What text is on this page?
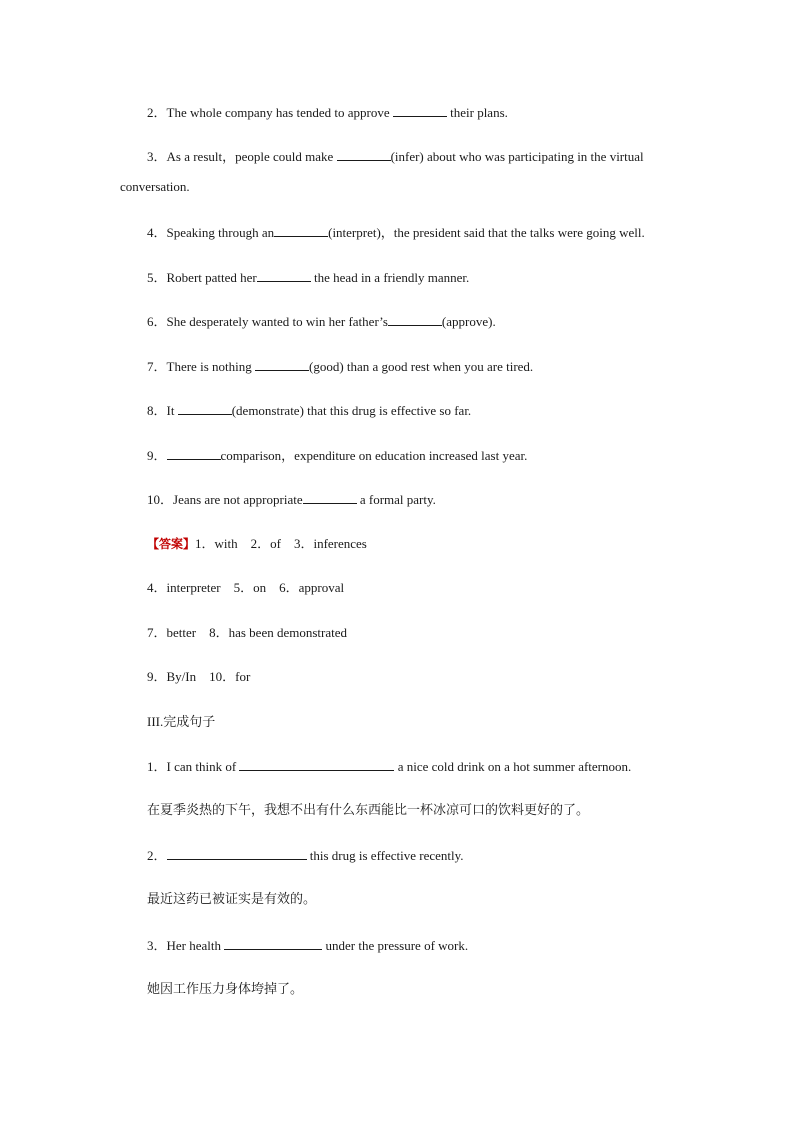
2．The whole company has tended to approve	their plans.
3．As a result，people could make	(infer) about who was participating in the virtual
conversation.
4．Speaking through an	(interpret)，the president said that the talks were going well.
5．Robert patted her	the head in a friendly manner.
6．She desperately wanted to win her father’s	(approve).
7．There is nothing	(good) than a good rest when you are tired.
8．It	(demonstrate) that this drug is effective so far.
9．	comparison，expenditure on education increased last year.
10．Jeans are not appropriate	a formal party.
【答案】1．with　2．of　3．inferences
4．interpreter　5．on　6．approval
7．better　8．has been demonstrated
9．By/In　10．for
III.完成句子
1．I can think of	a nice cold drink on a hot summer afternoon.
在夏季炎热的下午，我想不出有什么东西能比一杯冰凉可口的饮料更好的了。
2．	this drug is effective recently.
最近这药已被证实是有效的。
3．Her health	under the pressure of work.
她因工作压力身体垮掉了。
